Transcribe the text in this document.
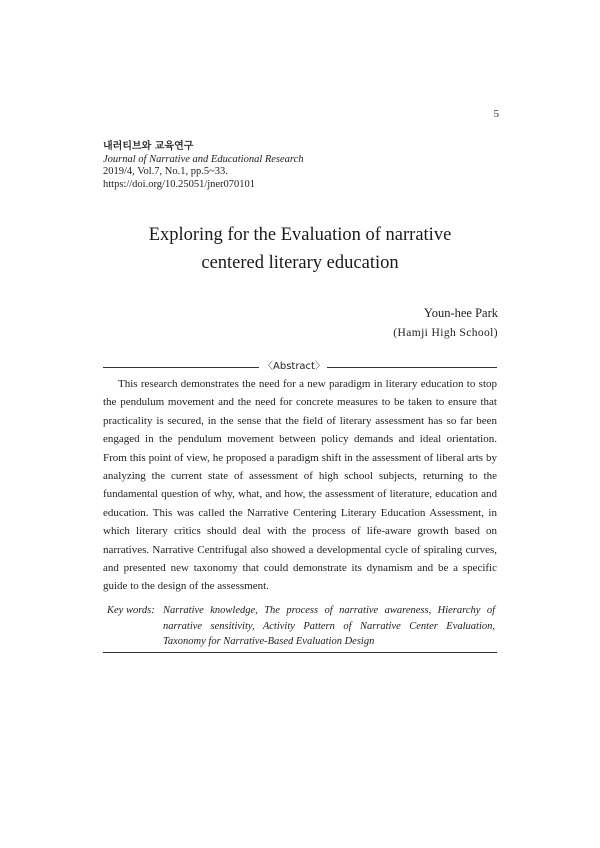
5
내러티브와 교육연구
Journal of Narrative and Educational Research
2019/4, Vol.7, No.1, pp.5~33.
https://doi.org/10.25051/jner070101
Exploring for the Evaluation of narrative
centered literary education
Youn-hee Park
(Hamji High School)
〈Abstract〉

This research demonstrates the need for a new paradigm in literary education to stop the pendulum movement and the need for concrete measures to be taken to ensure that practicality is secured, in the sense that the field of literary assessment has so far been engaged in the pendulum movement between policy demands and ideal orientation. From this point of view, he proposed a paradigm shift in the assessment of liberal arts by analyzing the current state of assessment of high school subjects, returning to the fundamental question of why, what, and how, the assessment of literature, education and education. This was called the Narrative Centering Literary Education Assessment, in which literary critics should deal with the process of life-aware growth based on narratives. Narrative Centrifugal also showed a developmental cycle of spiraling curves, and presented new taxonomy that could demonstrate its dynamism and be a specific guide to the design of the assessment.

Key words: Narrative knowledge, The process of narrative awareness, Hierarchy of narrative sensitivity, Activity Pattern of Narrative Center Evaluation, Taxonomy for Narrative-Based Evaluation Design
